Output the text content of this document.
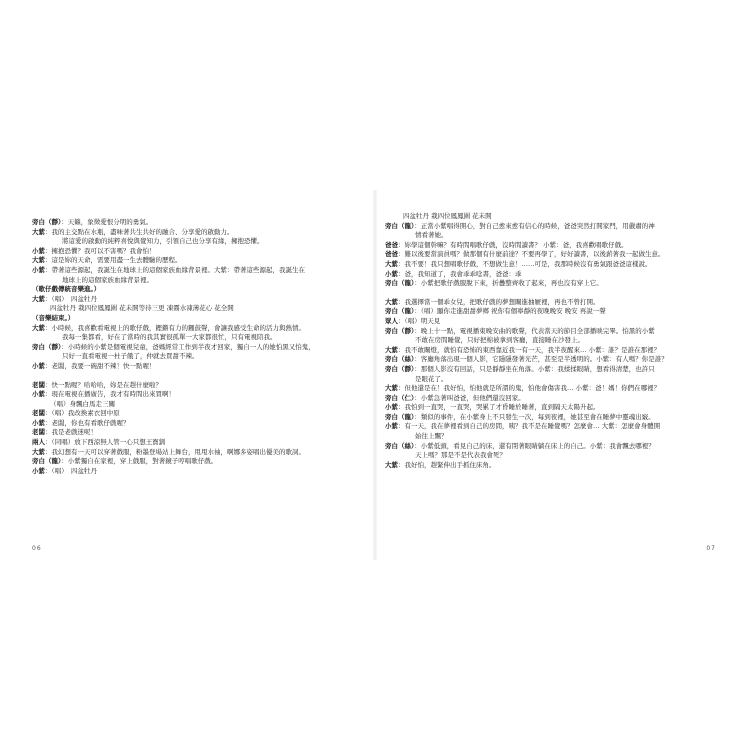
旁白（靜）：天籟，象徵愛恨分明的勇氣。
大紫：我的主交點在水瓶，盡味著共生共好的融合、分享愛的啟動力。
將這愛的啟動的純粹喜悅與覺知力，引領自己也分享有緣，擁抱恐懼。
小紫：擁抱恐懼？我可以不害嗎？我會怕！
大紫：這是妳的天命，需要用盡一生去體驗的歷程。
小紫：帶著這些源起，我誕生在地球上的這個家族血緣背景裡。大紫：帶著這些源起，我誕生在
地球上的這個家族血緣背景裡。
（歌仔戲傳統音樂進。）
大紫：（唱）　四盆牡丹
四盆牡丹 栽四位鳳鳳圍 花未開等待三更 凍霧水凍薄花心 花全開
（音樂結束。）
大紫：小時候，我喜歡看電視上的歌仔戲，鏗鏘有力的鑼鼓聲，會讓我感受生命的活力與熱情。
我每一集都看，好在了當時的我其實很孤單一大家都很忙，只有電視陪我。
旁白（靜）：小時候的小紫是個電視兒童，爸媽經常工作到半夜才回家，獨自一人的她怕黑又怕鬼，
只好一直看電視一杜子餓了，仲就去買甜不辣。
小紫：老闆，我要一碗甜不辣！快一點喔！
老闆：快一點喔？哈哈哈，妳是在趕什麼啦？
小紫：現在電視在播廣告，我才有時間出來買啊！
（唱）身飄白馬走三關
老闆：（唱）我改換素衣回中原
小紫：老闆，你也有看歌仔戲喔？
老闆：我是老戲迷呢！
兩人：（同唱）放下西涼無人管一心只想王寶釧
大紫：我幻想有一天可以穿著戲服，粉墨登場站上舞台，甩甩水袖，啊娜多姿唱出優美的歌詞。
旁白（龍）：小紫獨自在家裡，穿上戲服，對著鏡子哼唱歌仔戲。
小紫：（唱）　四盆牡丹
06
四盆牡丹 栽四位鳳鳳圍 花未開
旁白（龍）：正當小紫唱得開心，對自己愈來愈有信心的時候，爸爸突然打開家門，用嚴肅的神
情看著她。
爸爸：妳學這個幹嘛？有時間唱歌仔戲，沒時間讀書？ 小紫：爸，我喜歡唱歌仔戲。
爸爸：難以後要當演員嗎？做那個有什麼前途？不要再學了，好好讀書，以後薪著我一起做生意。
大紫：我不要！我只想唱歌仔戲，不想做生意！……可是，我那時候沒有勇氣跟爸爸這樣說。
小紫：爸，我知道了，我會乖乖唸書，爸爸：乖
旁白（龍）：小紫把歌仔戲服脫下來，折疊整齊收了起來，再也沒有穿上它。
大紫：我選擇當一個乖女兒，把歌仔戲的夢想關進抽屜裡，再也不曾打開。
旁白（龍）：（唱）顯你走進甜甜夢鄉 祝你有個寧靜的夜晚晚安 晚安 再說一聲
眾人：（唱）明天見
旁白（靜）：晚上十一點，電視播東晚安曲的歌聲，代表當天的節目全部播映完畢。怕黑的小紫
不敢在房間睡覺，只好把棉被拿到客廳，直接睡在沙發上。
大紫：我不敢關燈，就怕有恐怖的東西靠近我一有一天，我半夜醒來… 小紫：誰？是誰在那裡？
旁白（絲）：客廳角落出現一個人影，它隱隱發著光芒，甚至是半透明的。小紫：有人嗎？你是誰？
旁白（靜）：那個人影沒有回話，只是靜靜坐在角落。小紫：我揉揉眼睛，想看得清楚，也許只
是眼花了。
大紫：但他還是在！我好怕，怕他就是所謂的鬼，怕他會傷害我… 小紫：爸！媽！你們在哪裡？
旁白（仁）：小紫急著叫爸爸，但他們還沒回家。
小紫：我怕到一直哭，一直哭，哭累了才昏睡於睡著，直到隔天太陽升起。
旁白（龍）：類似的事件，在小紫身上不只發生一次，每到夜裡，她甚至會在睡夢中靈魂出竅。
小紫：有一天，我在夢裡看到自己的房間，咦？我不是在睡覺嗎？怎麼會… 大紫：怎麼會身體開
始往上飄？
旁白（絲）：小紫低頭，看見自己的床，還有閉著眼睛躺在床上的自己。小紫：我會飄去哪裡？
天上嗎？那是不是代表我會死？
大紫：我好怕，趕緊伸出手抓住床角。
07
